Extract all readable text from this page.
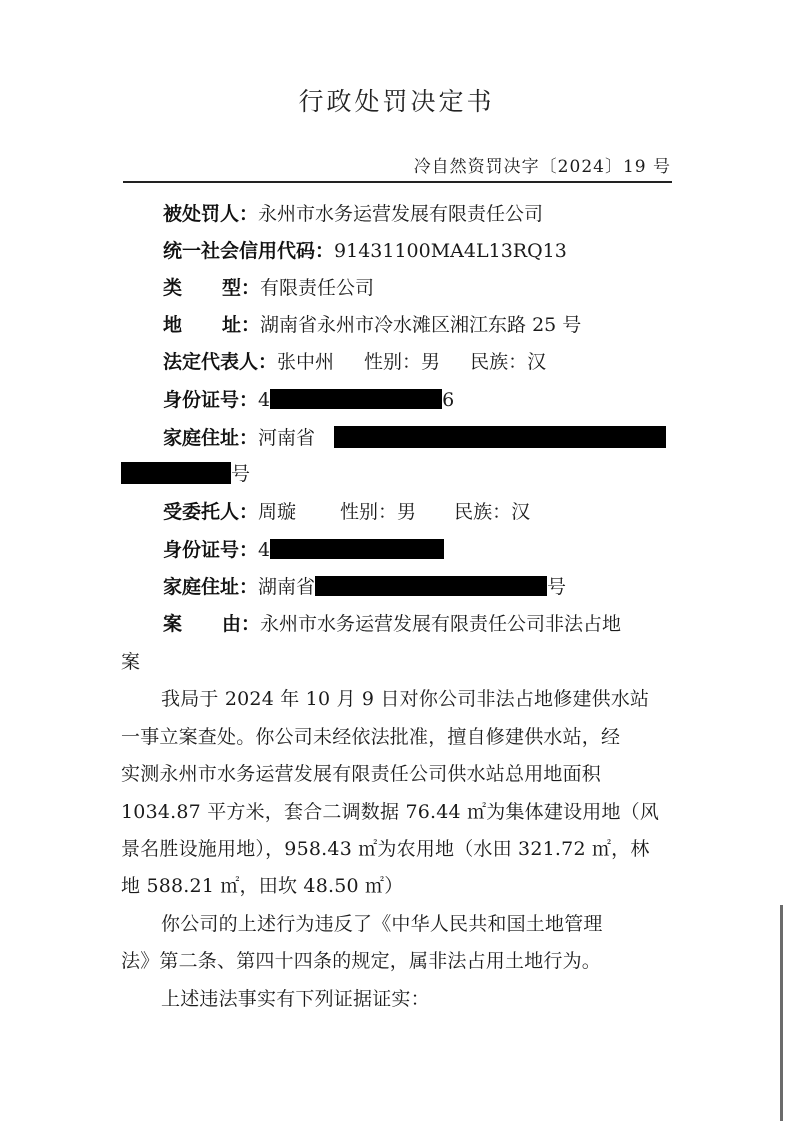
行政处罚决定书
冷自然资罚决字〔2024〕19 号
被处罚人：永州市水务运营发展有限责任公司
统一社会信用代码：91431100MA4L13RQ13
类 型：有限责任公司
地 址：湖南省永州市冷水滩区湘江东路 25 号
法定代表人：张中州 性别：男 民族：汉
身份证号：4	6
家庭住址：河南省
号
受委托人：周璇 性别：男 民族：汉
身份证号：4
家庭住址：湖南省	号
案 由：永州市水务运营发展有限责任公司非法占地
案
我局于 2024 年 10 月 9 日对你公司非法占地修建供水站
一事立案查处。你公司未经依法批准，擅自修建供水站，经
实测永州市水务运营发展有限责任公司供水站总用地面积
1034.87 平方米，套合二调数据 76.44 ㎡为集体建设用地（风
景名胜设施用地），958.43 ㎡为农用地（水田 321.72 ㎡，林
地 588.21 ㎡，田坎 48.50 ㎡）
你公司的上述行为违反了《中华人民共和国土地管理
法》第二条、第四十四条的规定，属非法占用土地行为。
上述违法事实有下列证据证实：
